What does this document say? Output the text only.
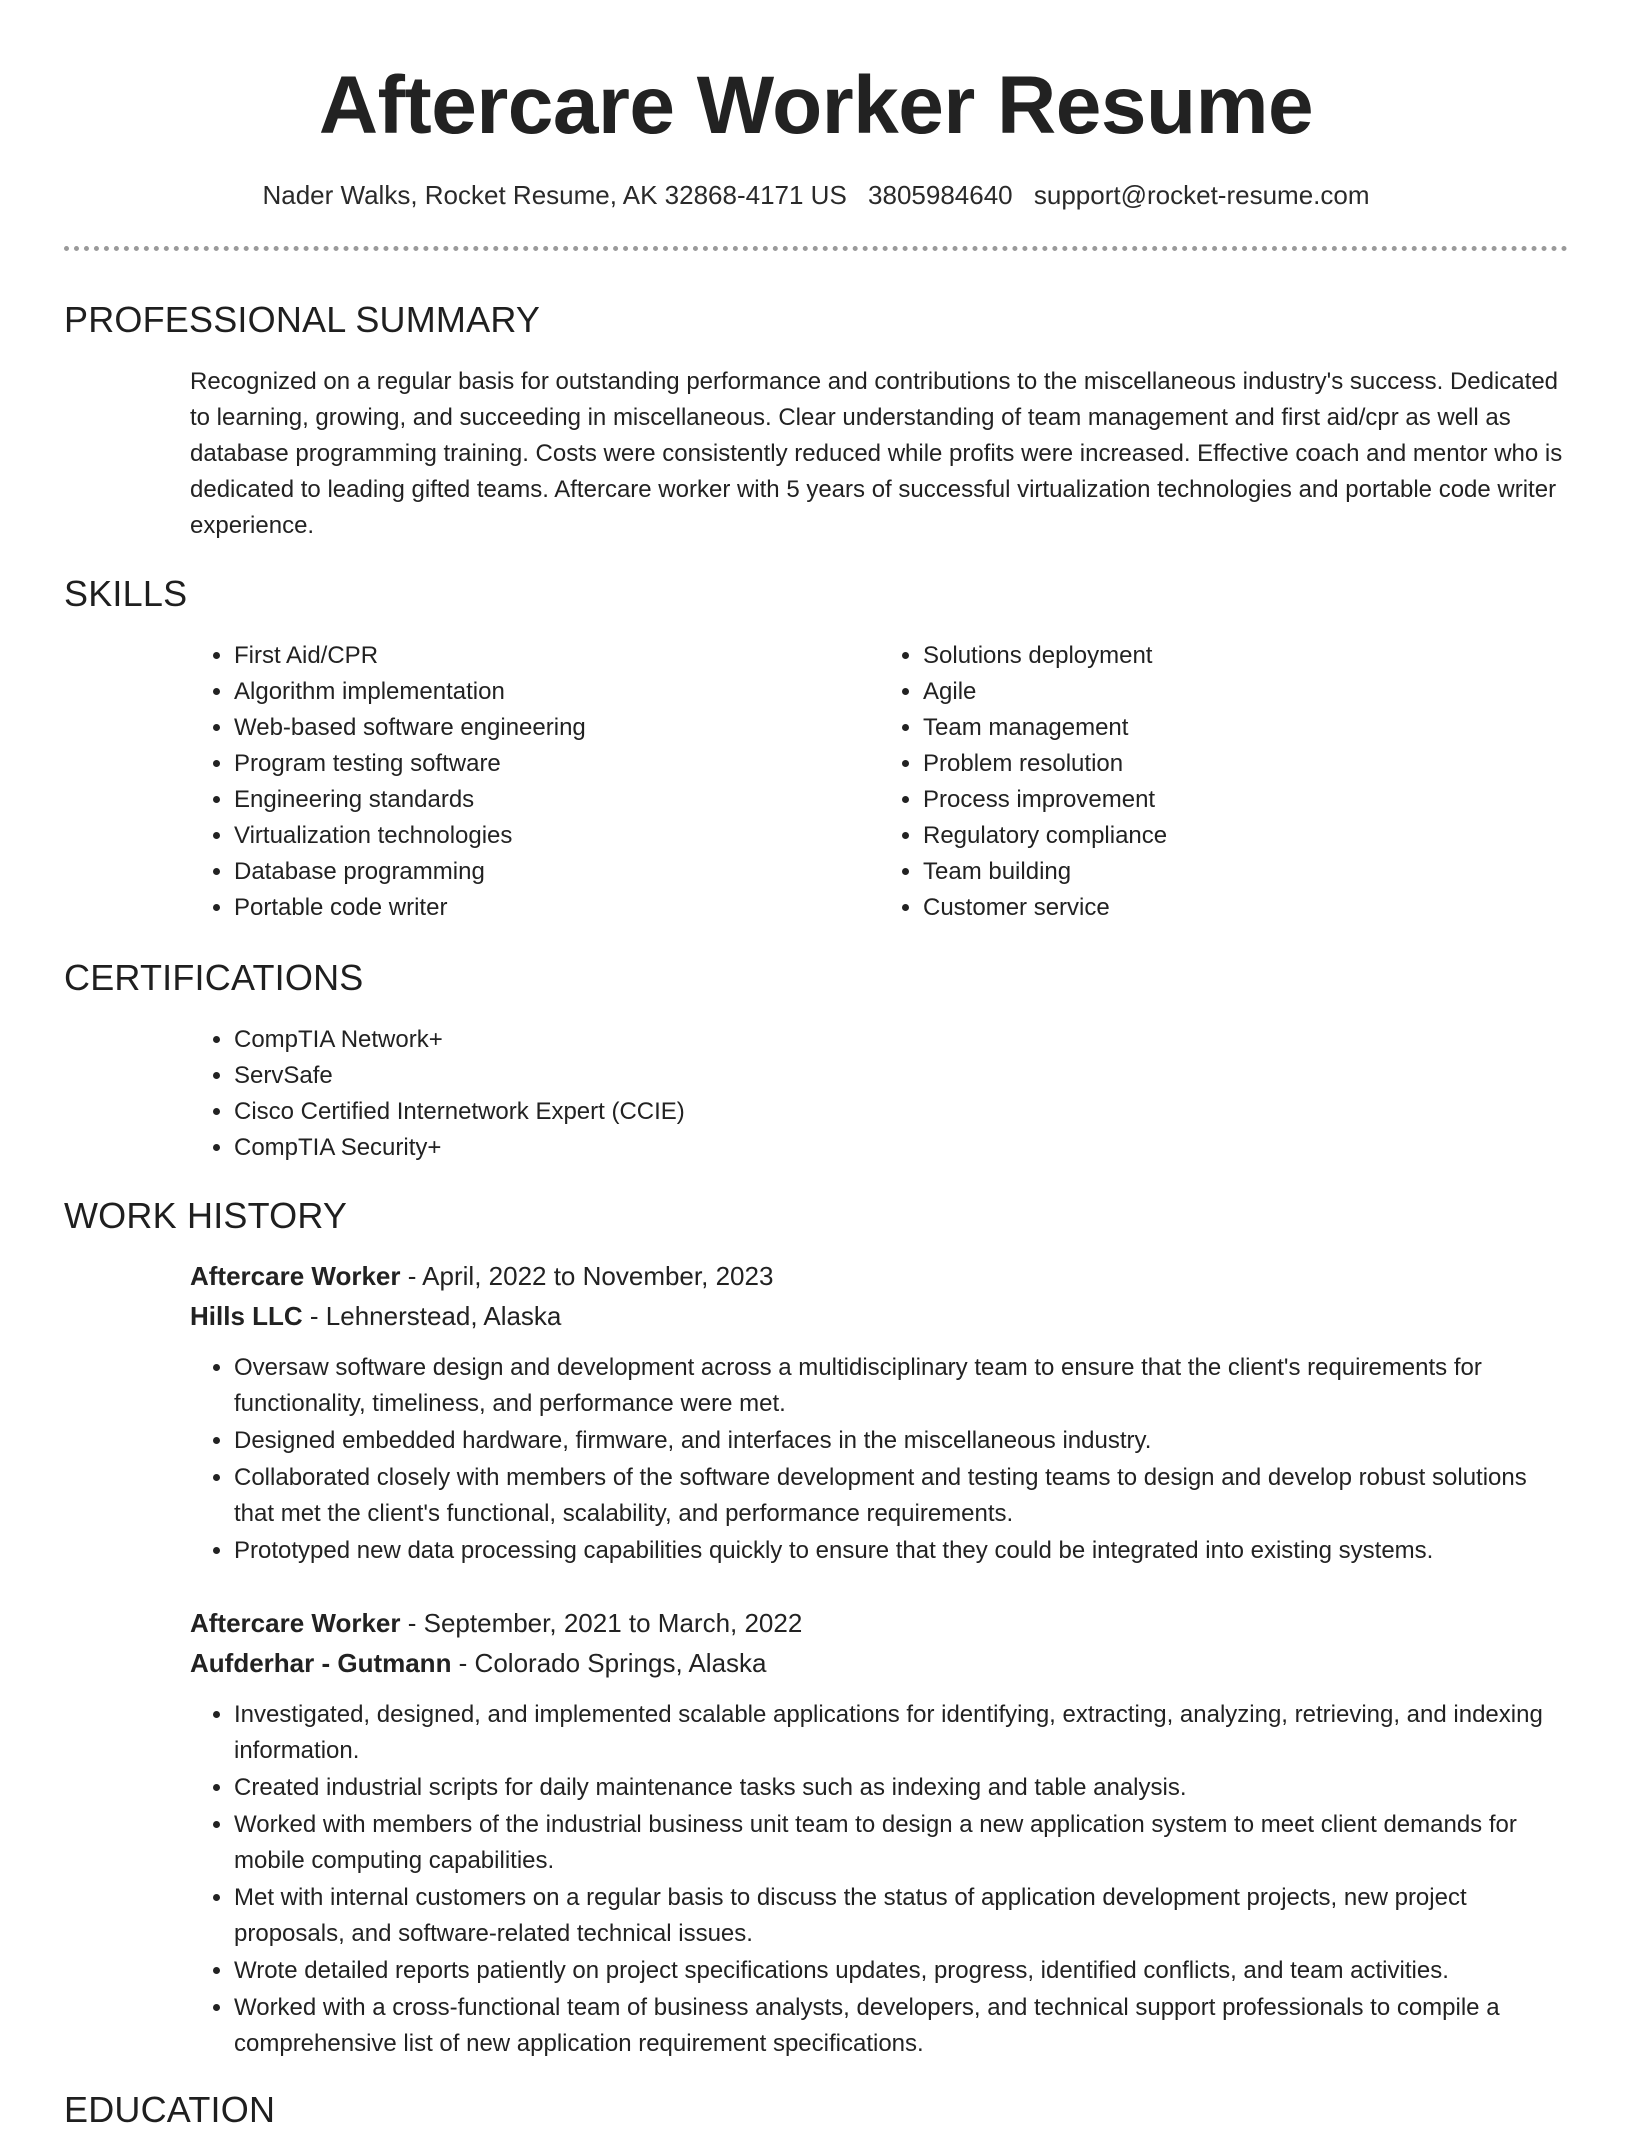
Aftercare Worker Resume
Nader Walks, Rocket Resume, AK 32868-4171 US 3805984640 support@rocket-resume.com
PROFESSIONAL SUMMARY
Recognized on a regular basis for outstanding performance and contributions to the miscellaneous industry's success. Dedicated to learning, growing, and succeeding in miscellaneous. Clear understanding of team management and first aid/cpr as well as database programming training. Costs were consistently reduced while profits were increased. Effective coach and mentor who is dedicated to leading gifted teams. Aftercare worker with 5 years of successful virtualization technologies and portable code writer experience.
SKILLS
• First Aid/CPR
• Algorithm implementation
• Web-based software engineering
• Program testing software
• Engineering standards
• Virtualization technologies
• Database programming
• Portable code writer
• Solutions deployment
• Agile
• Team management
• Problem resolution
• Process improvement
• Regulatory compliance
• Team building
• Customer service
CERTIFICATIONS
• CompTIA Network+
• ServSafe
• Cisco Certified Internetwork Expert (CCIE)
• CompTIA Security+
WORK HISTORY
Aftercare Worker - April, 2022 to November, 2023
Hills LLC - Lehnerstead, Alaska
• Oversaw software design and development across a multidisciplinary team to ensure that the client's requirements for functionality, timeliness, and performance were met.
• Designed embedded hardware, firmware, and interfaces in the miscellaneous industry.
• Collaborated closely with members of the software development and testing teams to design and develop robust solutions that met the client's functional, scalability, and performance requirements.
• Prototyped new data processing capabilities quickly to ensure that they could be integrated into existing systems.
Aftercare Worker - September, 2021 to March, 2022
Aufderhar - Gutmann - Colorado Springs, Alaska
• Investigated, designed, and implemented scalable applications for identifying, extracting, analyzing, retrieving, and indexing information.
• Created industrial scripts for daily maintenance tasks such as indexing and table analysis.
• Worked with members of the industrial business unit team to design a new application system to meet client demands for mobile computing capabilities.
• Met with internal customers on a regular basis to discuss the status of application development projects, new project proposals, and software-related technical issues.
• Wrote detailed reports patiently on project specifications updates, progress, identified conflicts, and team activities.
• Worked with a cross-functional team of business analysts, developers, and technical support professionals to compile a comprehensive list of new application requirement specifications.
EDUCATION
